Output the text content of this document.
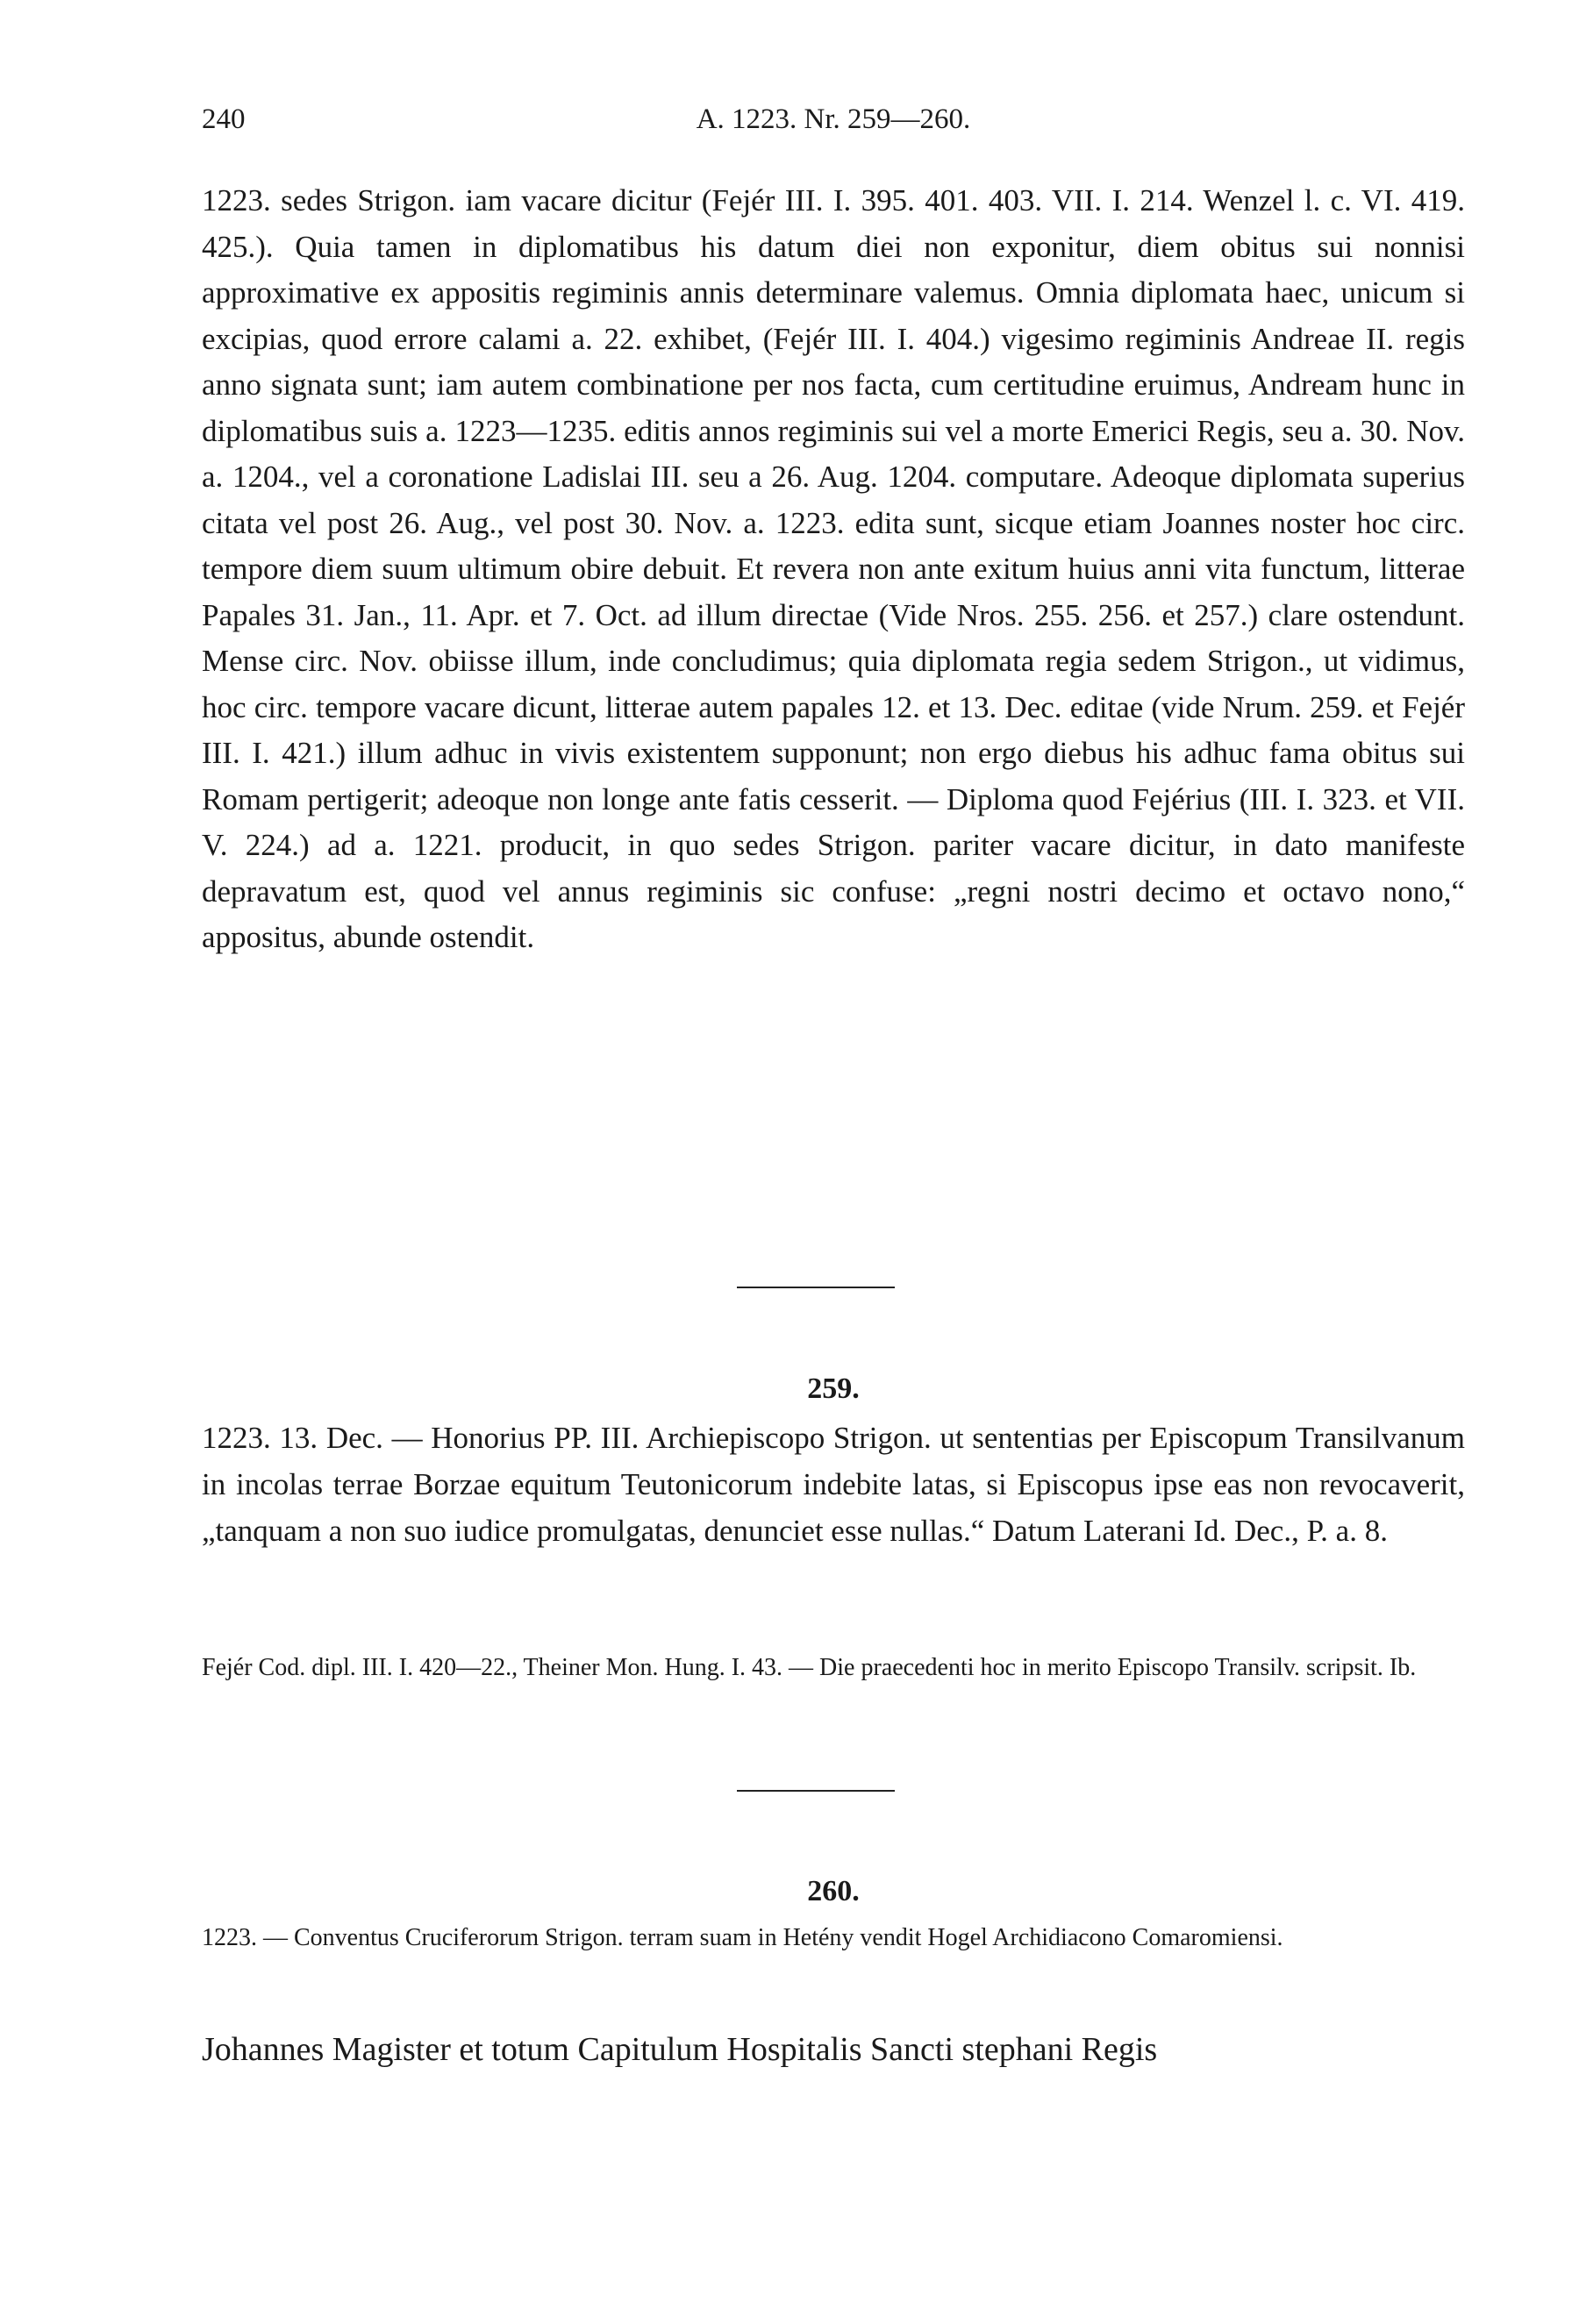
240	A. 1223. Nr. 259—260.

1223. sedes Strigon. iam vacare dicitur (Fejér III. I. 395. 401. 403. VII. I. 214. Wenzel l. c. VI. 419. 425.). Quia tamen in diplomatibus his datum diei non exponitur, diem obitus sui nonnisi approximative ex appositis regiminis annis determinare valemus. Omnia diplomata haec, unicum si excipias, quod errore calami a. 22. exhibet, (Fejér III. I. 404.) vigesimo regiminis Andreae II. regis anno signata sunt; iam autem combinatione per nos facta, cum certitudine eruimus, Andream hunc in diplomatibus suis a. 1223—1235. editis annos regiminis sui vel a morte Emerici Regis, seu a. 30. Nov. a. 1204., vel a coronatione Ladislai III. seu a 26. Aug. 1204. computare. Adeoque diplomata superius citata vel post 26. Aug., vel post 30. Nov. a. 1223. edita sunt, sicque etiam Joannes noster hoc circ. tempore diem suum ultimum obire debuit. Et revera non ante exitum huius anni vita functum, litterae Papales 31. Jan., 11. Apr. et 7. Oct. ad illum directae (Vide Nros. 255. 256. et 257.) clare ostendunt. Mense circ. Nov. obiisse illum, inde concludimus; quia diplomata regia sedem Strigon., ut vidimus, hoc circ. tempore vacare dicunt, litterae autem papales 12. et 13. Dec. editae (vide Nrum. 259. et Fejér III. I. 421.) illum adhuc in vivis existentem supponunt; non ergo diebus his adhuc fama obitus sui Romam pertigerit; adeoque non longe ante fatis cesserit. — Diploma quod Fejérius (III. I. 323. et VII. V. 224.) ad a. 1221. producit, in quo sedes Strigon. pariter vacare dicitur, in dato manifeste depravatum est, quod vel annus regiminis sic confuse: „regni nostri decimo et octavo nono,“ appositus, abunde ostendit.

259.

1223. 13. Dec. — Honorius PP. III. Archiepiscopo Strigon. ut sententias per Episcopum Transilvanum in incolas terrae Borzae equitum Teutonicorum indebite latas, si Episcopus ipse eas non revocaverit, „tanquam a non suo iudice promulgatas, denunciet esse nullas.“ Datum Laterani Id. Dec., P. a. 8.

Fejér Cod. dipl. III. I. 420—22., Theiner Mon. Hung. I. 43. — Die praecedenti hoc in merito Episcopo Transilv. scripsit. Ib.

260.

1223. — Conventus Cruciferorum Strigon. terram suam in Hetény vendit Hogel Archidiacono Comaromiensi.

Johannes Magister et totum Capitulum Hospitalis Sancti stephani Regis
